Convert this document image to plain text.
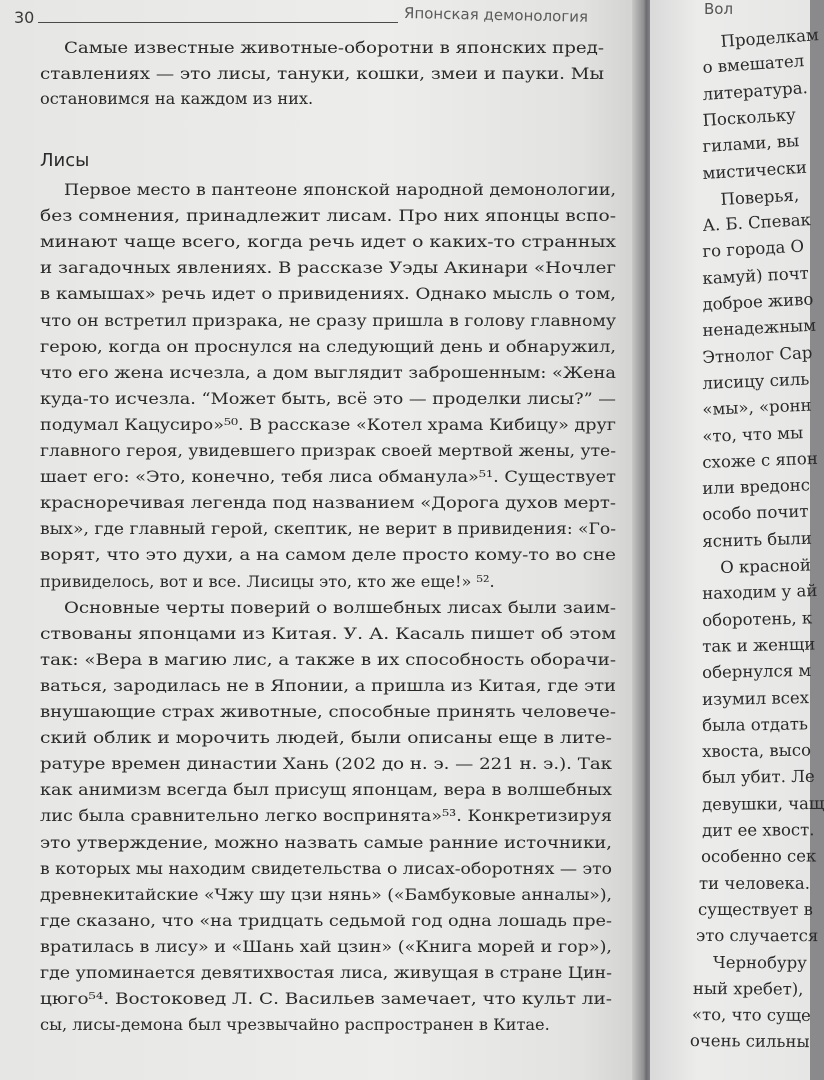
30	Японская демонология
Самые известные животные-оборотни в японских пред-
ставлениях — это лисы, тануки, кошки, змеи и пауки. Мы
остановимся на каждом из них.
Лисы
Первое место в пантеоне японской народной демонологии,
без сомнения, принадлежит лисам. Про них японцы вспо-
минают чаще всего, когда речь идет о каких-то странных
и загадочных явлениях. В рассказе Уэды Акинари «Ночлег
в камышах» речь идет о привидениях. Однако мысль о том,
что он встретил призрака, не сразу пришла в голову главному
герою, когда он проснулся на следующий день и обнаружил,
что его жена исчезла, а дом выглядит заброшенным: «Жена
куда-то исчезла. “Может быть, всё это — проделки лисы?” —
подумал Кацусиро»⁵⁰. В рассказе «Котел храма Кибицу» друг
главного героя, увидевшего призрак своей мертвой жены, уте-
шает его: «Это, конечно, тебя лиса обманула»⁵¹. Существует
красноречивая легенда под названием «Дорога духов мерт-
вых», где главный герой, скептик, не верит в привидения: «Го-
ворят, что это духи, а на самом деле просто кому-то во сне
привиделось, вот и все. Лисицы это, кто же еще!» ⁵².
Основные черты поверий о волшебных лисах были заим-
ствованы японцами из Китая. У. А. Касаль пишет об этом
так: «Вера в магию лис, а также в их способность оборачи-
ваться, зародилась не в Японии, а пришла из Китая, где эти
внушающие страх животные, способные принять человече-
ский облик и морочить людей, были описаны еще в лите-
ратуре времен династии Хань (202 до н. э. — 221 н. э.). Так
как анимизм всегда был присущ японцам, вера в волшебных
лис была сравнительно легко воспринята»⁵³. Конкретизируя
это утверждение, можно назвать самые ранние источники,
в которых мы находим свидетельства о лисах-оборотнях — это
древнекитайские «Чжу шу цзи нянь» («Бамбуковые анналы»),
где сказано, что «на тридцать седьмой год одна лошадь пре-
вратилась в лису» и «Шань хай цзин» («Книга морей и гор»),
где упоминается девятихвостая лиса, живущая в стране Цин-
цюго⁵⁴. Востоковед Л. С. Васильев замечает, что культ ли-
сы, лисы-демона был чрезвычайно распространен в Китае.
Проделкам
о вмешател
литература.
Поскольку
гилами, вы
мистически
Поверья,
А. Б. Спевак
го города О
камуй) почт
доброе живо
ненадежным
Этнолог Сар
лисицу силь
«мы», «ронн
«то, что мы
схоже с япон
или вредонс
особо почит
яснить были
О красной
находим у ай
оборотень, к
так и женщи
обернулся м
изумил всех
была отдать
хвоста, высо
был убит. Ле
девушки, чащ
дит ее хвост.
особенно сек
ти человека.
существует в
это случается
Чернобуру
ный хребет),
«то, что суще
очень сильны
Вол
